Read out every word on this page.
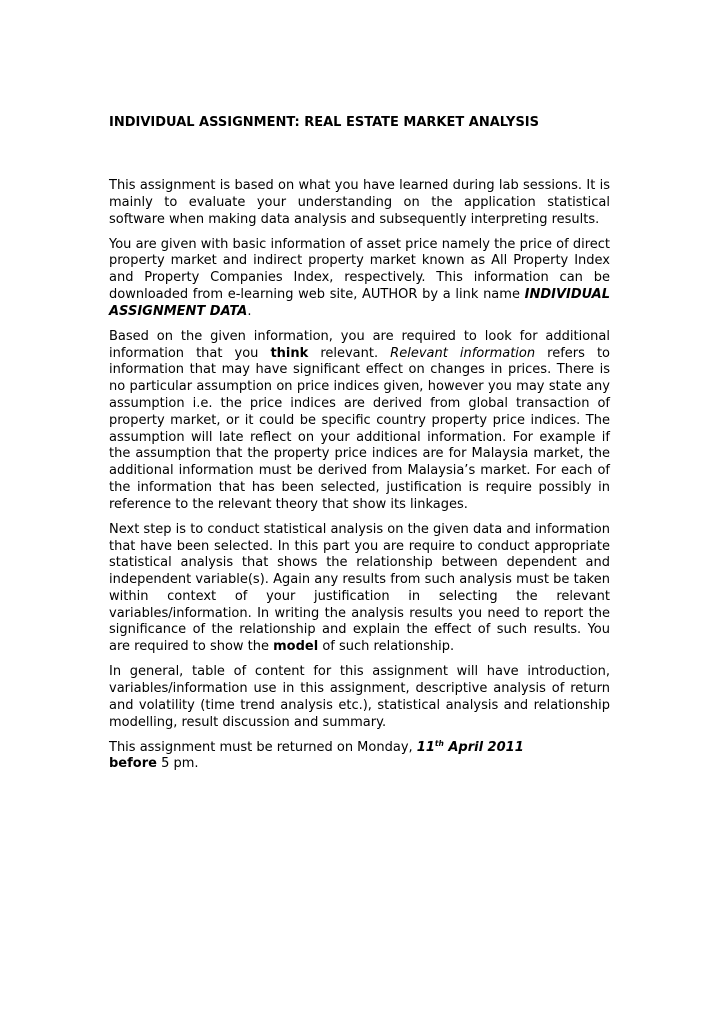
INDIVIDUAL ASSIGNMENT: REAL ESTATE MARKET ANALYSIS

This assignment is based on what you have learned during lab sessions. It is mainly to evaluate your understanding on the application statistical software when making data analysis and subsequently interpreting results.

You are given with basic information of asset price namely the price of direct property market and indirect property market known as All Property Index and Property Companies Index, respectively. This information can be downloaded from e-learning web site, AUTHOR by a link name INDIVIDUAL ASSIGNMENT DATA.

Based on the given information, you are required to look for additional information that you think relevant. Relevant information refers to information that may have significant effect on changes in prices. There is no particular assumption on price indices given, however you may state any assumption i.e. the price indices are derived from global transaction of property market, or it could be specific country property price indices. The assumption will late reflect on your additional information. For example if the assumption that the property price indices are for Malaysia market, the additional information must be derived from Malaysia’s market. For each of the information that has been selected, justification is require possibly in reference to the relevant theory that show its linkages.

Next step is to conduct statistical analysis on the given data and information that have been selected. In this part you are require to conduct appropriate statistical analysis that shows the relationship between dependent and independent variable(s). Again any results from such analysis must be taken within context of your justification in selecting the relevant variables/information. In writing the analysis results you need to report the significance of the relationship and explain the effect of such results. You are required to show the model of such relationship.

In general, table of content for this assignment will have introduction, variables/information use in this assignment, descriptive analysis of return and volatility (time trend analysis etc.), statistical analysis and relationship modelling, result discussion and summary.

This assignment must be returned on Monday, 11th April 2011
before 5 pm.
